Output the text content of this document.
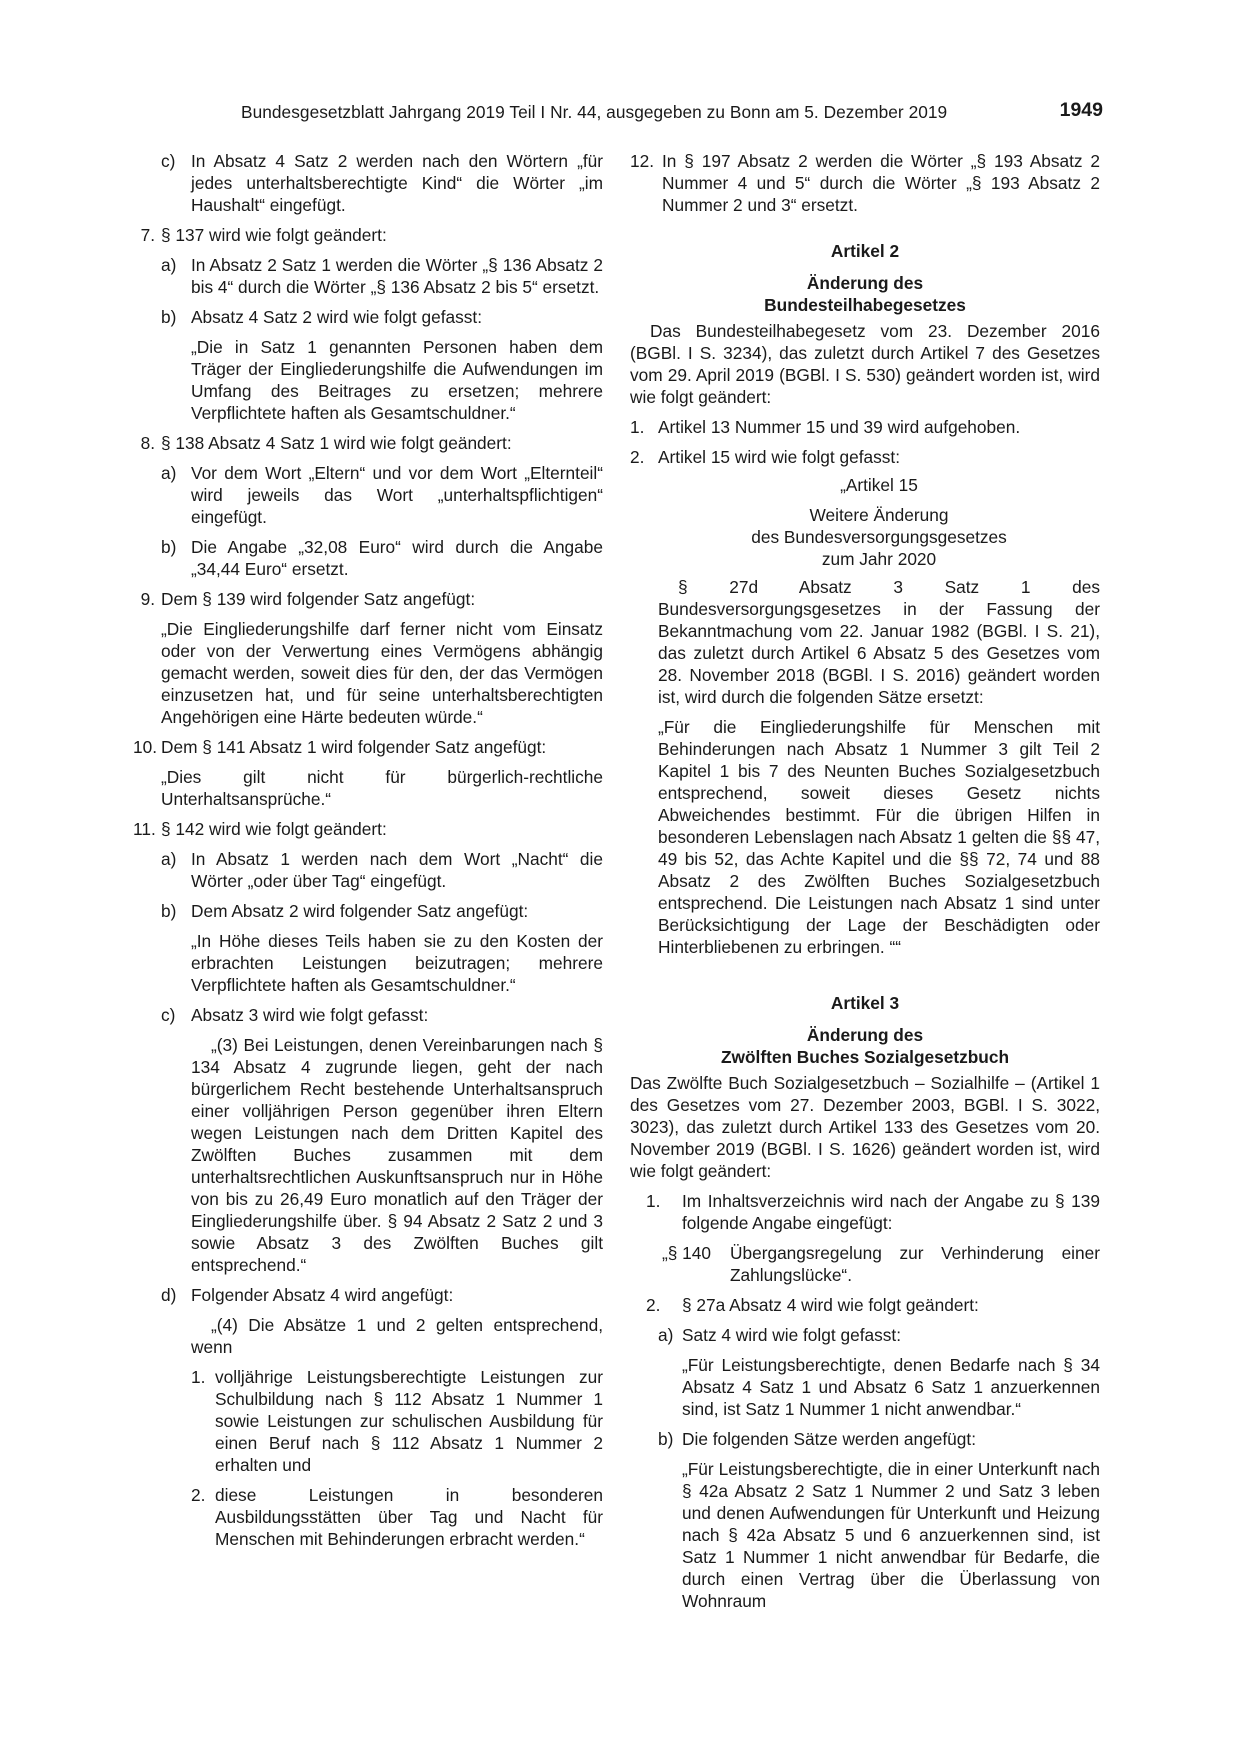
Bundesgesetzblatt Jahrgang 2019 Teil I Nr. 44, ausgegeben zu Bonn am 5. Dezember 2019	1949
c) In Absatz 4 Satz 2 werden nach den Wörtern „für jedes unterhaltsberechtigte Kind“ die Wörter „im Haushalt“ eingefügt.
7. § 137 wird wie folgt geändert:
a) In Absatz 2 Satz 1 werden die Wörter „§ 136 Absatz 2 bis 4“ durch die Wörter „§ 136 Absatz 2 bis 5“ ersetzt.
b) Absatz 4 Satz 2 wird wie folgt gefasst:
„Die in Satz 1 genannten Personen haben dem Träger der Eingliederungshilfe die Aufwendungen im Umfang des Beitrages zu ersetzen; mehrere Verpflichtete haften als Gesamtschuldner.“
8. § 138 Absatz 4 Satz 1 wird wie folgt geändert:
a) Vor dem Wort „Eltern“ und vor dem Wort „Elternteil“ wird jeweils das Wort „unterhaltspflichtigen“ eingefügt.
b) Die Angabe „32,08 Euro“ wird durch die Angabe „34,44 Euro“ ersetzt.
9. Dem § 139 wird folgender Satz angefügt:
„Die Eingliederungshilfe darf ferner nicht vom Einsatz oder von der Verwertung eines Vermögens abhängig gemacht werden, soweit dies für den, der das Vermögen einzusetzen hat, und für seine unterhaltsberechtigten Angehörigen eine Härte bedeuten würde.“
10. Dem § 141 Absatz 1 wird folgender Satz angefügt:
„Dies gilt nicht für bürgerlich-rechtliche Unterhaltsansprüche.“
11. § 142 wird wie folgt geändert:
a) In Absatz 1 werden nach dem Wort „Nacht“ die Wörter „oder über Tag“ eingefügt.
b) Dem Absatz 2 wird folgender Satz angefügt:
„In Höhe dieses Teils haben sie zu den Kosten der erbrachten Leistungen beizutragen; mehrere Verpflichtete haften als Gesamtschuldner.“
c) Absatz 3 wird wie folgt gefasst:
„(3) Bei Leistungen, denen Vereinbarungen nach § 134 Absatz 4 zugrunde liegen, geht der nach bürgerlichem Recht bestehende Unterhaltsanspruch einer volljährigen Person gegenüber ihren Eltern wegen Leistungen nach dem Dritten Kapitel des Zwölften Buches zusammen mit dem unterhaltsrechtlichen Auskunftsanspruch nur in Höhe von bis zu 26,49 Euro monatlich auf den Träger der Eingliederungshilfe über. § 94 Absatz 2 Satz 2 und 3 sowie Absatz 3 des Zwölften Buches gilt entsprechend.“
d) Folgender Absatz 4 wird angefügt:
„(4) Die Absätze 1 und 2 gelten entsprechend, wenn
1. volljährige Leistungsberechtigte Leistungen zur Schulbildung nach § 112 Absatz 1 Nummer 1 sowie Leistungen zur schulischen Ausbildung für einen Beruf nach § 112 Absatz 1 Nummer 2 erhalten und
2. diese Leistungen in besonderen Ausbildungsstätten über Tag und Nacht für Menschen mit Behinderungen erbracht werden.“
12. In § 197 Absatz 2 werden die Wörter „§ 193 Absatz 2 Nummer 4 und 5“ durch die Wörter „§ 193 Absatz 2 Nummer 2 und 3“ ersetzt.

Artikel 2

Änderung des

Bundesteilhabegesetzes

Das Bundesteilhabegesetz vom 23. Dezember 2016 (BGBl. I S. 3234), das zuletzt durch Artikel 7 des Gesetzes vom 29. April 2019 (BGBl. I S. 530) geändert worden ist, wird wie folgt geändert:

1. Artikel 13 Nummer 15 und 39 wird aufgehoben.
2. Artikel 15 wird wie folgt gefasst:

„Artikel 15

Weitere Änderung

des Bundesversorgungsgesetzes

zum Jahr 2020

§ 27d Absatz 3 Satz 1 des Bundesversorgungsgesetzes in der Fassung der Bekanntmachung vom 22. Januar 1982 (BGBl. I S. 21), das zuletzt durch Artikel 6 Absatz 5 des Gesetzes vom 28. November 2018 (BGBl. I S. 2016) geändert worden ist, wird durch die folgenden Sätze ersetzt:

„Für die Eingliederungshilfe für Menschen mit Behinderungen nach Absatz 1 Nummer 3 gilt Teil 2 Kapitel 1 bis 7 des Neunten Buches Sozialgesetzbuch entsprechend, soweit dieses Gesetz nichts Abweichendes bestimmt. Für die übrigen Hilfen in besonderen Lebenslagen nach Absatz 1 gelten die §§ 47, 49 bis 52, das Achte Kapitel und die §§ 72, 74 und 88 Absatz 2 des Zwölften Buches Sozialgesetzbuch entsprechend. Die Leistungen nach Absatz 1 sind unter Berücksichtigung der Lage der Beschädigten oder Hinterbliebenen zu erbringen. ““

Artikel 3

Änderung des

Zwölften Buches Sozialgesetzbuch

Das Zwölfte Buch Sozialgesetzbuch – Sozialhilfe – (Artikel 1 des Gesetzes vom 27. Dezember 2003, BGBl. I S. 3022, 3023), das zuletzt durch Artikel 133 des Gesetzes vom 20. November 2019 (BGBl. I S. 1626) geändert worden ist, wird wie folgt geändert:

1.	Im Inhaltsverzeichnis wird nach der Angabe zu § 139 folgende Angabe eingefügt:
„§ 140	Übergangsregelung zur Verhinderung einer Zahlungslücke“.
2.	§ 27a Absatz 4 wird wie folgt geändert:
a) Satz 4 wird wie folgt gefasst:
„Für Leistungsberechtigte, denen Bedarfe nach § 34 Absatz 4 Satz 1 und Absatz 6 Satz 1 anzuerkennen sind, ist Satz 1 Nummer 1 nicht anwendbar.“
b) Die folgenden Sätze werden angefügt:
„Für Leistungsberechtigte, die in einer Unterkunft nach § 42a Absatz 2 Satz 1 Nummer 2 und Satz 3 leben und denen Aufwendungen für Unterkunft und Heizung nach § 42a Absatz 5 und 6 anzuerkennen sind, ist Satz 1 Nummer 1 nicht anwendbar für Bedarfe, die durch einen Vertrag über die Überlassung von Wohnraum
